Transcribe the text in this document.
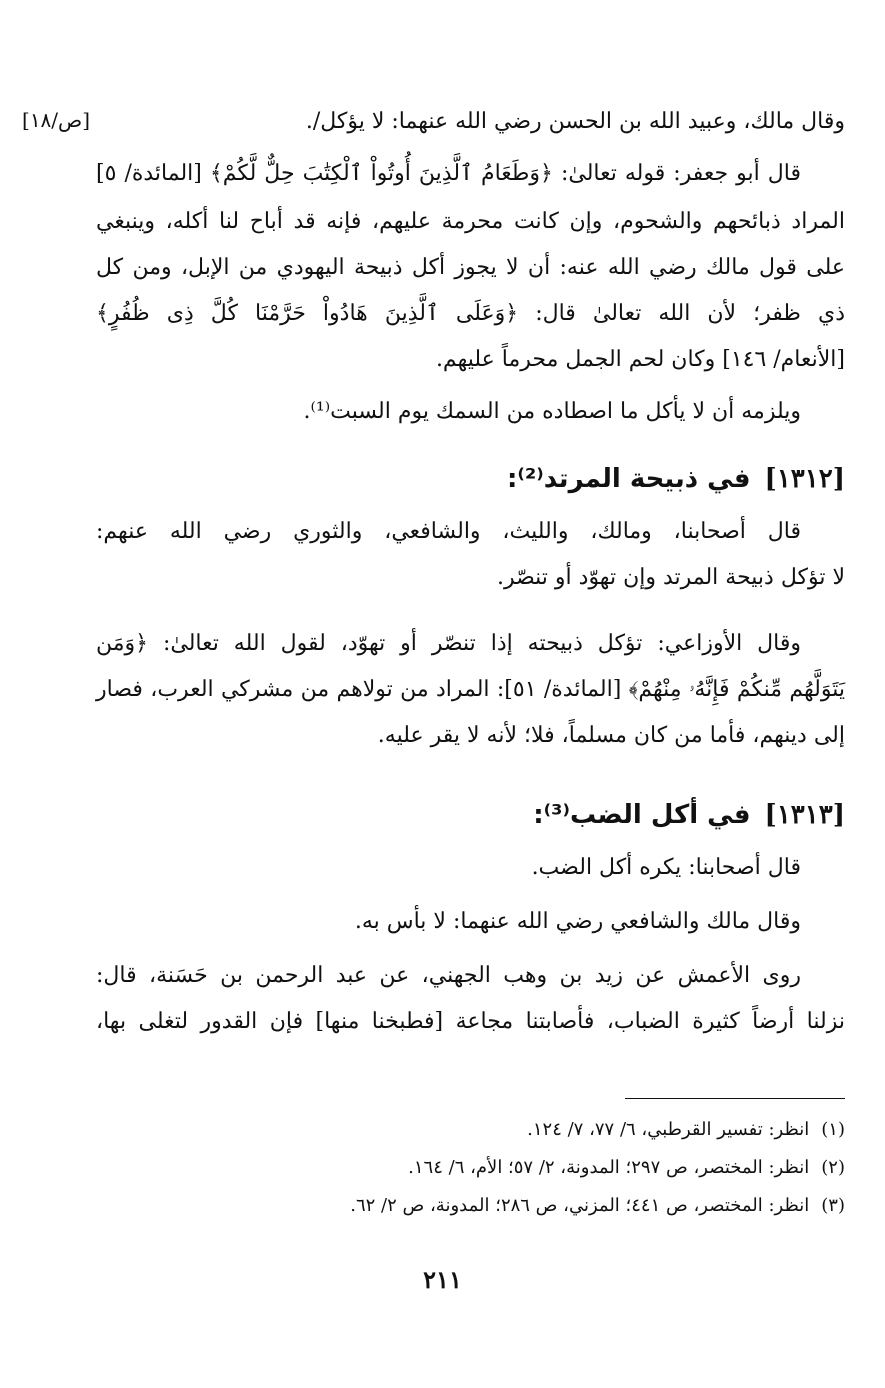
[ص/١٨]	وقال مالك، وعبيد الله بن الحسن رضي الله عنهما: لا يؤكل/.
قال أبو جعفر: قوله تعالىٰ: ﴿وَطَعَامُ ٱلَّذِينَ أُوتُواْ ٱلْكِتَٰبَ حِلٌّ لَّكُمْ﴾ [المائدة/ ٥]
المراد ذبائحهم والشحوم، وإن كانت محرمة عليهم، فإنه قد أباح لنا أكله، وينبغي
على قول مالك رضي الله عنه: أن لا يجوز أكل ذبيحة اليهودي من الإبل، ومن كل
ذي ظفر؛ لأن الله تعالىٰ قال: ﴿وَعَلَى ٱلَّذِينَ هَادُواْ حَرَّمْنَا كُلَّ ذِى ظُفُرٍ﴾
[الأنعام/ ١٤٦] وكان لحم الجمل محرماً عليهم.
ويلزمه أن لا يأكل ما اصطاده من السمك يوم السبت⁽¹⁾.
[١٣١٢]في ذبيحة المرتد⁽²⁾:
قال أصحابنا، ومالك، والليث، والشافعي، والثوري رضي الله عنهم:
لا تؤكل ذبيحة المرتد وإن تهوّد أو تنصّر.
وقال الأوزاعي: تؤكل ذبيحته إذا تنصّر أو تهوّد، لقول الله تعالىٰ: ﴿وَمَن
يَتَوَلَّهُم مِّنكُمْ فَإِنَّهُۥ مِنْهُمْ﴾ [المائدة/ ٥١]: المراد من تولاهم من مشركي العرب، فصار
إلى دينهم، فأما من كان مسلماً، فلا؛ لأنه لا يقر عليه.
[١٣١٣]في أكل الضب⁽³⁾:
قال أصحابنا: يكره أكل الضب.
وقال مالك والشافعي رضي الله عنهما: لا بأس به.
روى الأعمش عن زيد بن وهب الجهني، عن عبد الرحمن بن حَسَنة، قال:
نزلنا أرضاً كثيرة الضباب، فأصابتنا مجاعة [فطبخنا منها] فإن القدور لتغلى بها،
(١)انظر: تفسير القرطبي، ٦/ ٧٧، ٧/ ١٢٤.
(٢)انظر: المختصر، ص ٢٩٧؛ المدونة، ٢/ ٥٧؛ الأم، ٦/ ١٦٤.
(٣)انظر: المختصر، ص ٤٤١؛ المزني، ص ٢٨٦؛ المدونة، ص ٢/ ٦٢.
٢١١
